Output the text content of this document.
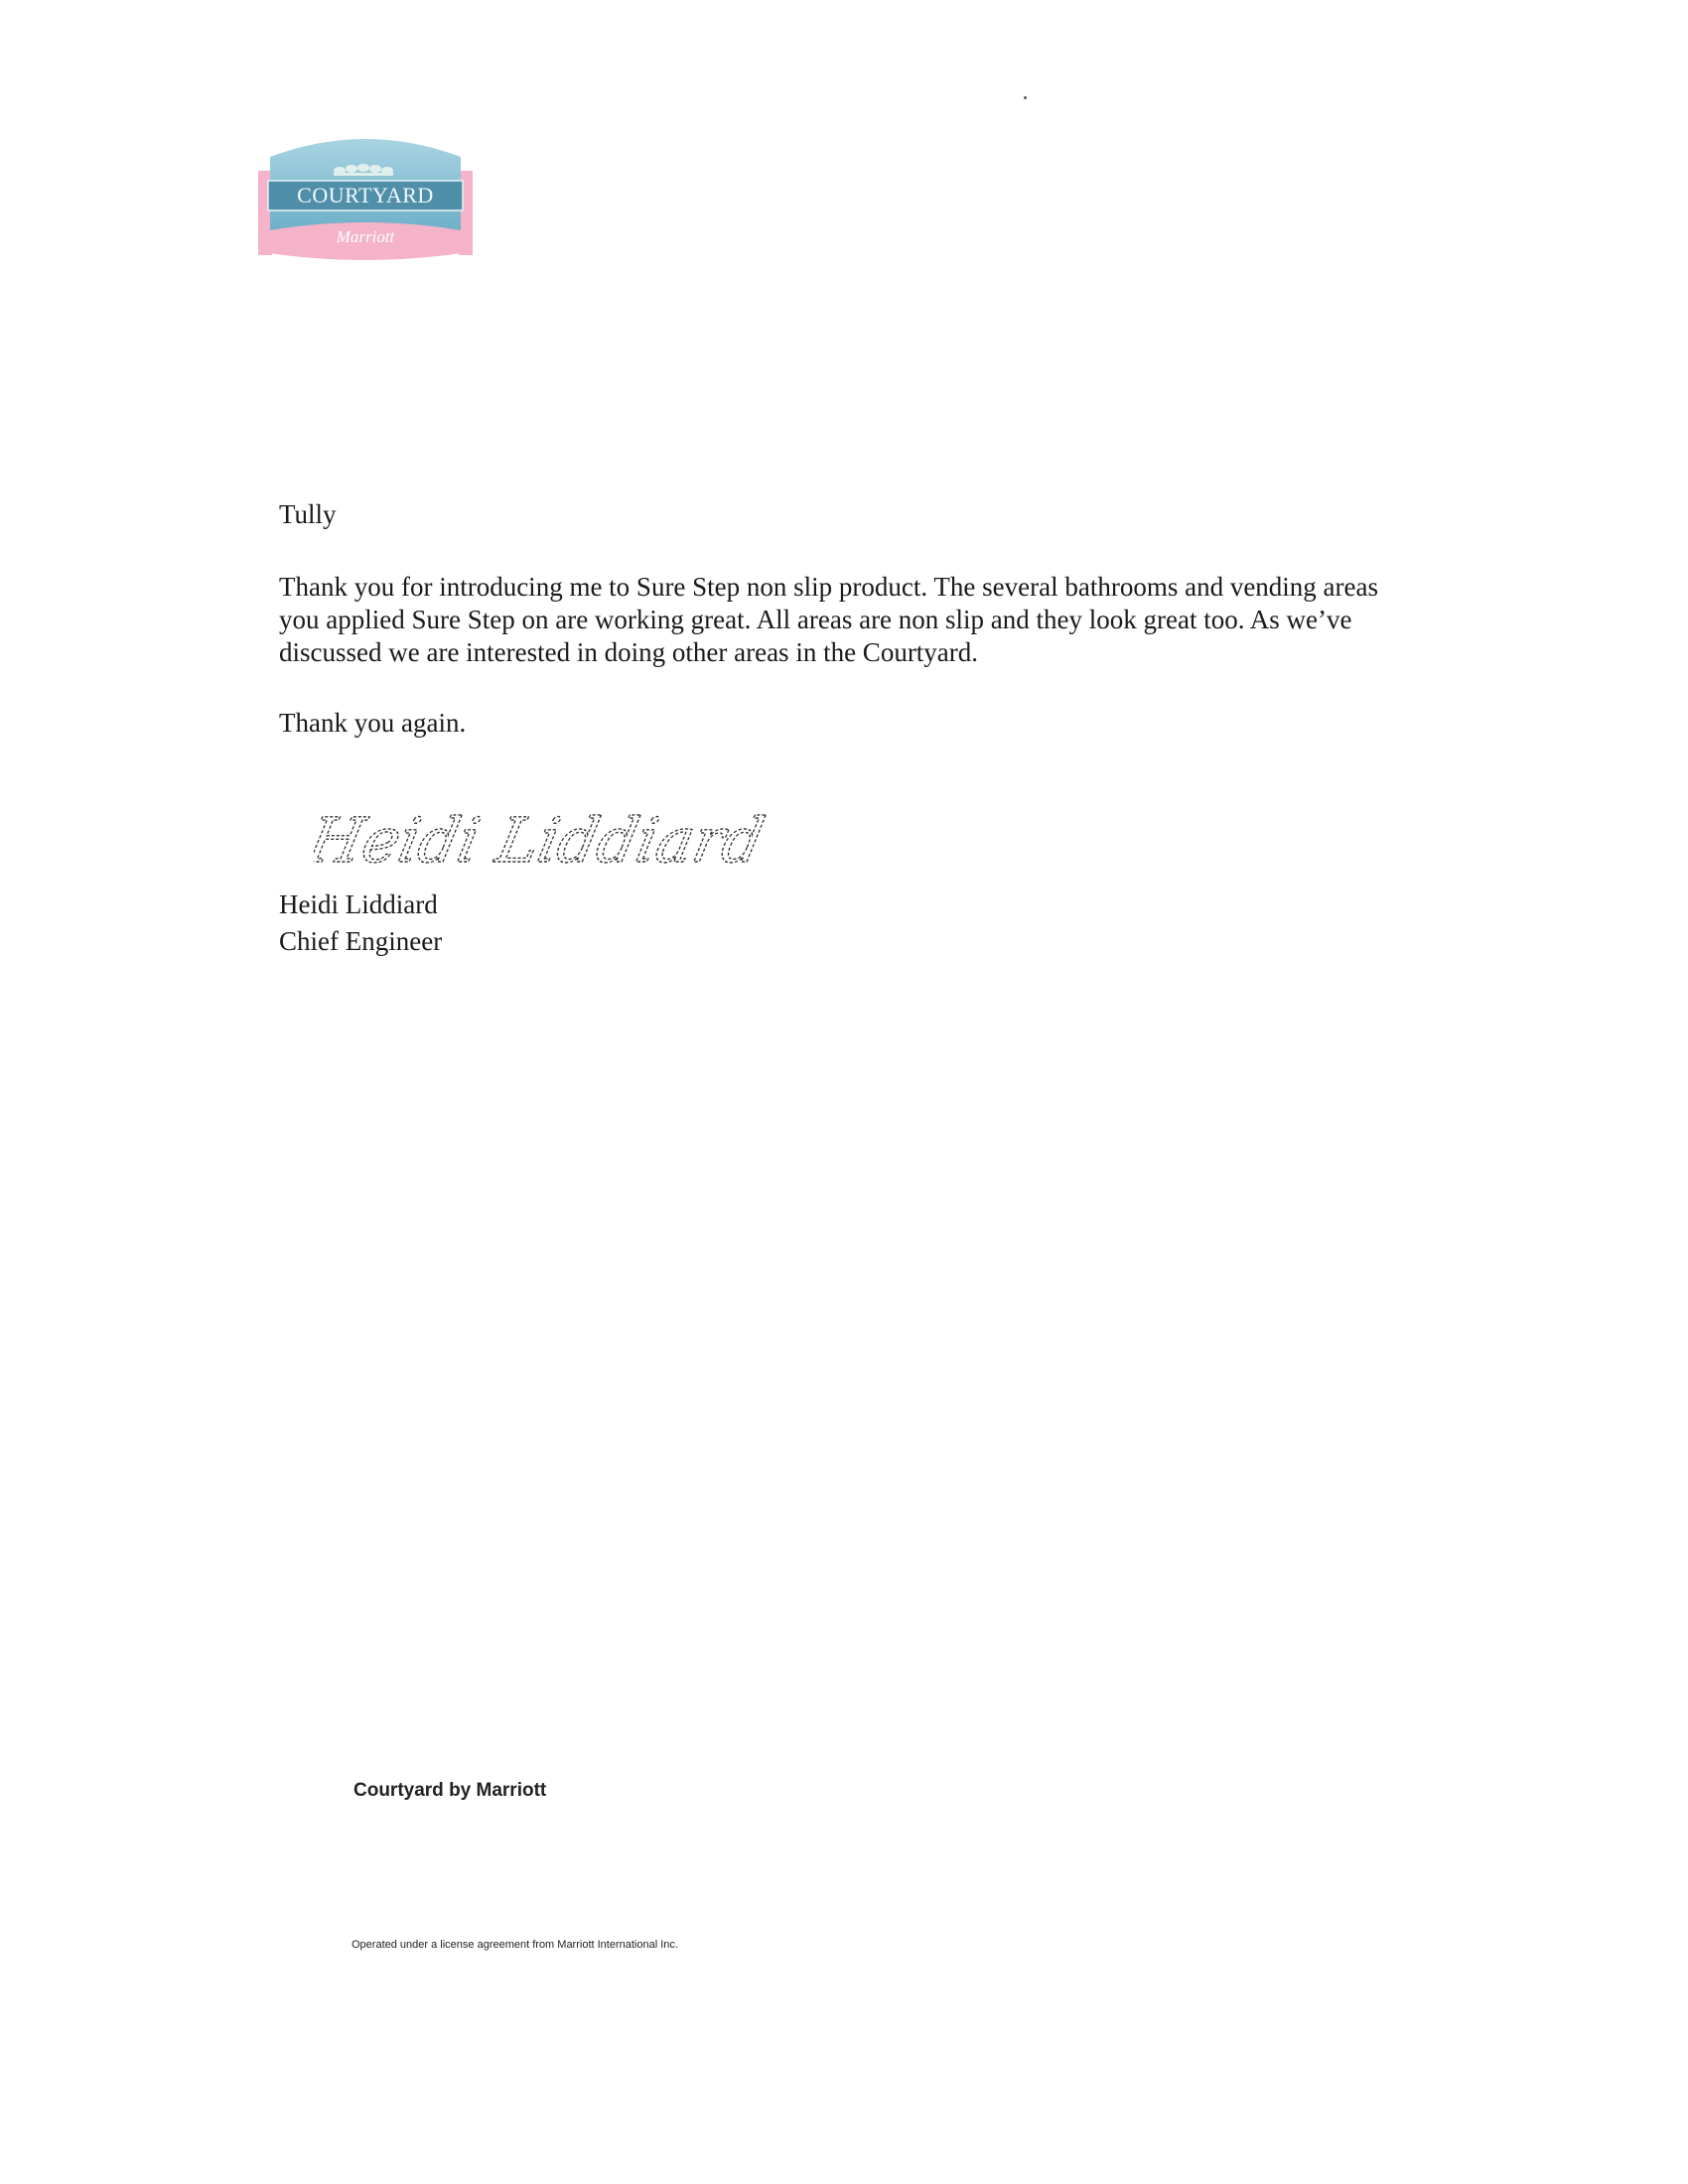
COURTYARD
Marriott

Tully

Thank you for introducing me to Sure Step non slip product. The several bathrooms and vending areas you applied Sure Step on are working great. All areas are non slip and they look great too. As we’ve discussed we are interested in doing other areas in the Courtyard.

Thank you again.

Heidi Liddiard
Heidi Liddiard
Chief Engineer
Courtyard by Marriott
Operated under a license agreement from Marriott International Inc.
